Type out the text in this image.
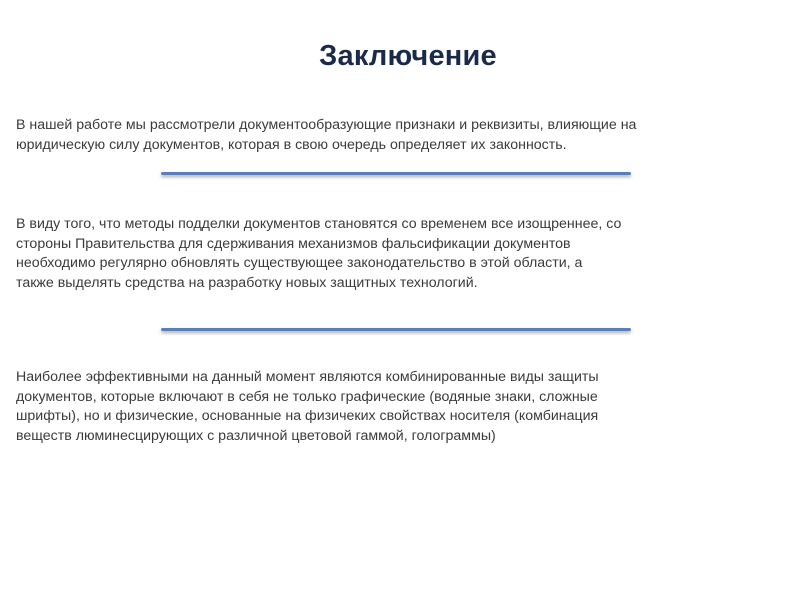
Заключение
В нашей работе мы рассмотрели документообразующие признаки и реквизиты, влияющие на
юридическую силу документов, которая в свою очередь определяет их законность.
В виду того, что методы подделки документов становятся со временем все изощреннее, со
стороны Правительства для сдерживания механизмов фальсификации документов
необходимо регулярно обновлять существующее законодательство в этой области, а
также выделять средства на разработку новых защитных технологий.
Наиболее эффективными на данный момент являются комбинированные виды защиты
документов, которые включают в себя не только графические (водяные знаки, сложные
шрифты), но и физические, основанные на физичеких свойствах носителя (комбинация
веществ люминесцирующих с различной цветовой гаммой, голограммы)
